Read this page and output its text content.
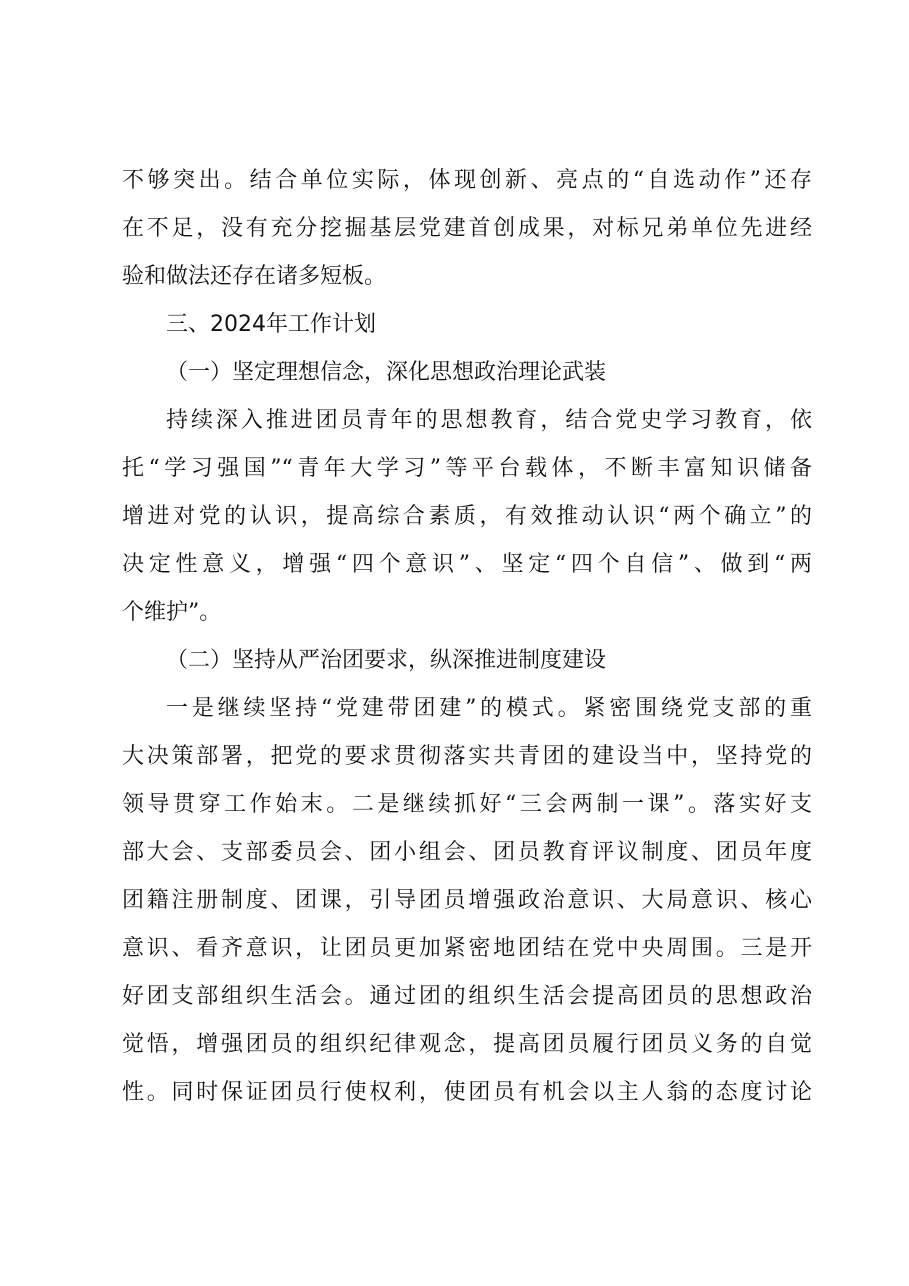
不够突出。结合单位实际，体现创新、亮点的“自选动作”还存
在不足，没有充分挖掘基层党建首创成果，对标兄弟单位先进经
验和做法还存在诸多短板。
三、2024年工作计划
（一）坚定理想信念，深化思想政治理论武装
持续深入推进团员青年的思想教育，结合党史学习教育，依
托“学习强国”“青年大学习”等平台载体，不断丰富知识储备
增进对党的认识，提高综合素质，有效推动认识“两个确立”的
决定性意义，增强“四个意识”、坚定“四个自信”、做到“两
个维护”。
（二）坚持从严治团要求，纵深推进制度建设
一是继续坚持“党建带团建”的模式。紧密围绕党支部的重
大决策部署，把党的要求贯彻落实共青团的建设当中，坚持党的
领导贯穿工作始末。二是继续抓好“三会两制一课”。落实好支
部大会、支部委员会、团小组会、团员教育评议制度、团员年度
团籍注册制度、团课，引导团员增强政治意识、大局意识、核心
意识、看齐意识，让团员更加紧密地团结在党中央周围。三是开
好团支部组织生活会。通过团的组织生活会提高团员的思想政治
觉悟，增强团员的组织纪律观念，提高团员履行团员义务的自觉
性。同时保证团员行使权利，使团员有机会以主人翁的态度讨论
